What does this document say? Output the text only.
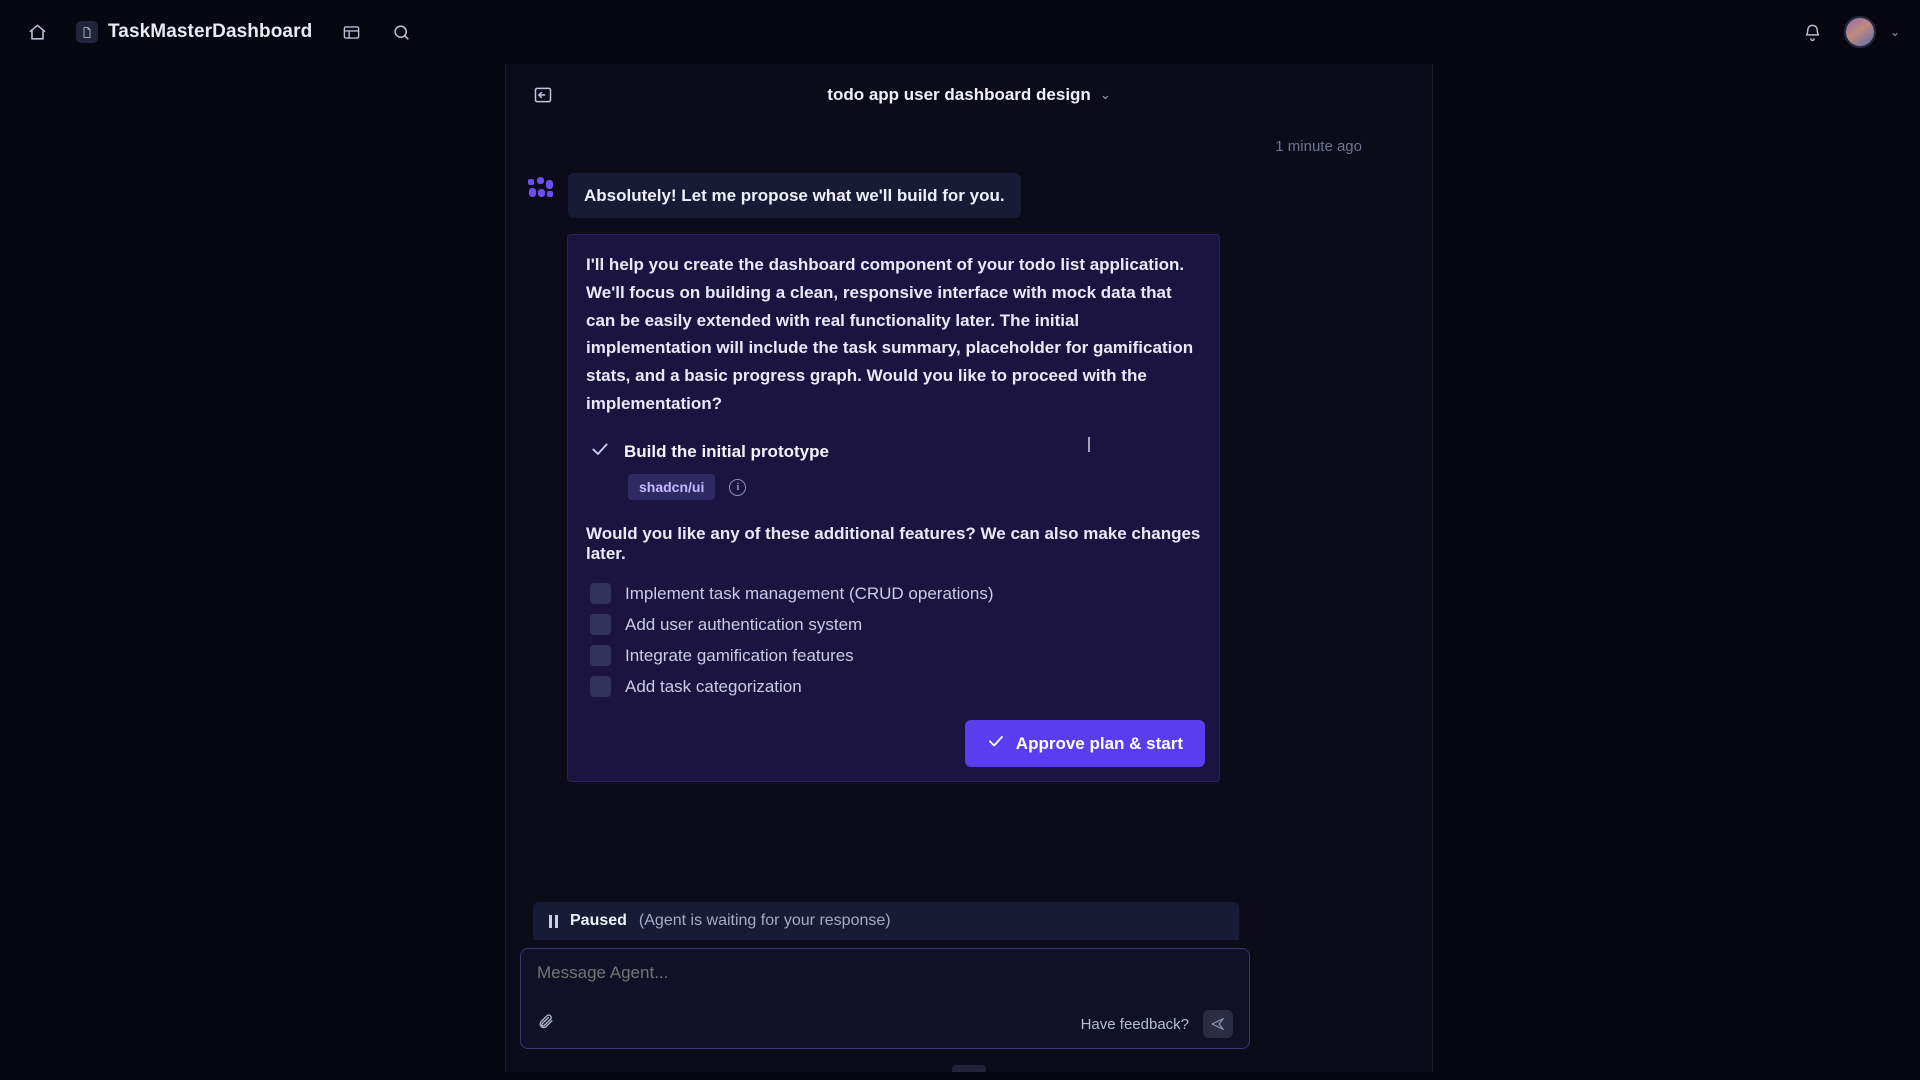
TaskMasterDashboard	⌄
todo app user dashboard design ⌄
1 minute ago
Absolutely! Let me propose what we'll build for you.
I'll help you create the dashboard component of your todo list application. We'll focus on building a clean, responsive interface with mock data that can be easily extended with real functionality later. The initial implementation will include the task summary, placeholder for gamification stats, and a basic progress graph. Would you like to proceed with the implementation?
Build the initial prototype
shadcn/ui	i
Would you like any of these additional features? We can also make changes later.
Implement task management (CRUD operations)
Add user authentication system
Integrate gamification features
Add task categorization
Approve plan & start
Paused (Agent is waiting for your response)
Message Agent...
Have feedback?
